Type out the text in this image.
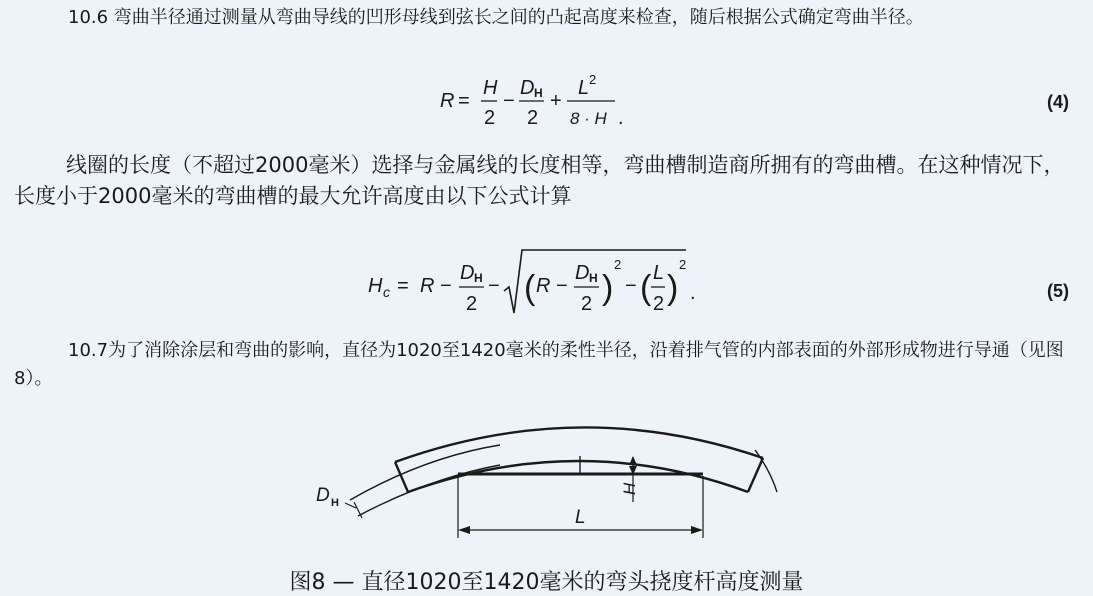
10.6 弯曲半径通过测量从弯曲导线的凹形母线到弦长之间的凸起高度来检查，随后根据公式确定弯曲半径。
R =
H
2
−
D H
2
+
L 2
8 · H .
(4)
线圈的长度（不超过2000毫米）选择与金属线的长度相等，弯曲槽制造商所拥有的弯曲槽。在这种情况下，长度小于2000毫米的弯曲槽的最大允许高度由以下公式计算
H c = R −
D H
2
− ( R −
D H
2 )
2
− ( L
2 )
2
.	(5)
10.7为了消除涂层和弯曲的影响，直径为1020至1420毫米的柔性半径，沿着排气管的内部表面的外部形成物进行导通（见图8）。
D H
H
L
图8 — 直径1020至1420毫米的弯头挠度杆高度测量
